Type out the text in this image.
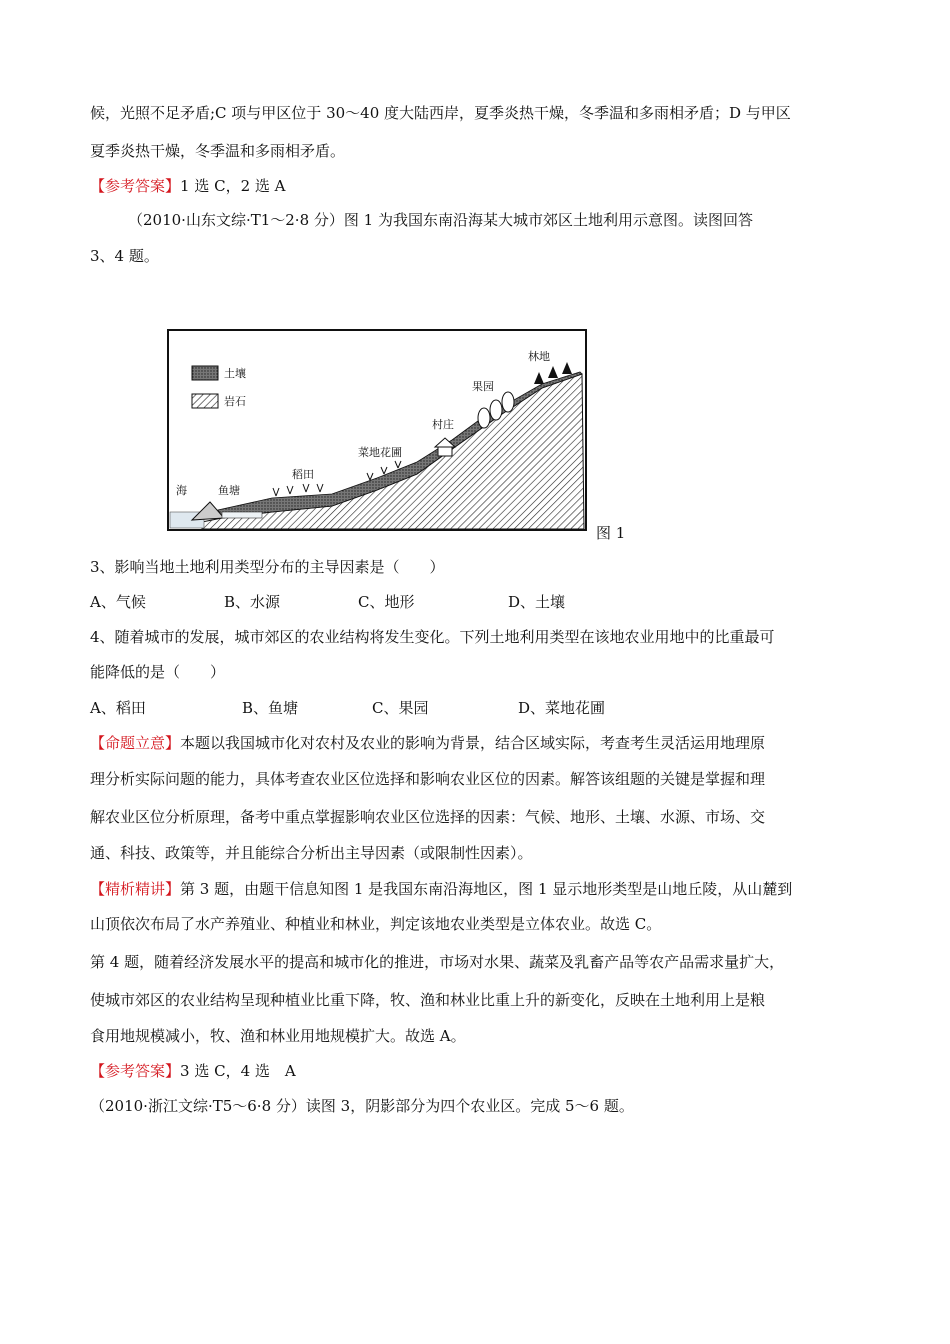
候，光照不足矛盾;C 项与甲区位于 30～40 度大陆西岸，夏季炎热干燥，冬季温和多雨相矛盾；D 与甲区
夏季炎热干燥，冬季温和多雨相矛盾。
【参考答案】1 选 C，2 选 A
（2010·山东文综·T1～2·8 分）图 1 为我国东南沿海某大城市郊区土地利用示意图。读图回答
3、4 题。
土壤
岩石
海	鱼塘
稻田
菜地花圃
村庄
果园
林地
图 1
3、影响当地土地利用类型分布的主导因素是（　　）
A、气候	B、水源	C、地形	D、土壤
4、随着城市的发展，城市郊区的农业结构将发生变化。下列土地利用类型在该地农业用地中的比重最可
能降低的是（　　）
A、稻田	B、鱼塘	C、果园	D、菜地花圃
【命题立意】本题以我国城市化对农村及农业的影响为背景，结合区域实际，考查考生灵活运用地理原
理分析实际问题的能力，具体考查农业区位选择和影响农业区位的因素。解答该组题的关键是掌握和理
解农业区位分析原理，备考中重点掌握影响农业区位选择的因素：气候、地形、土壤、水源、市场、交
通、科技、政策等，并且能综合分析出主导因素（或限制性因素）。
【精析精讲】第 3 题，由题干信息知图 1 是我国东南沿海地区，图 1 显示地形类型是山地丘陵，从山麓到
山顶依次布局了水产养殖业、种植业和林业，判定该地农业类型是立体农业。故选 C。
第 4 题，随着经济发展水平的提高和城市化的推进，市场对水果、蔬菜及乳畜产品等农产品需求量扩大，
使城市郊区的农业结构呈现种植业比重下降，牧、渔和林业比重上升的新变化，反映在土地利用上是粮
食用地规模减小，牧、渔和林业用地规模扩大。故选 A。
【参考答案】3 选 C，4 选　A
（2010·浙江文综·T5～6·8 分）读图 3，阴影部分为四个农业区。完成 5～6 题。
